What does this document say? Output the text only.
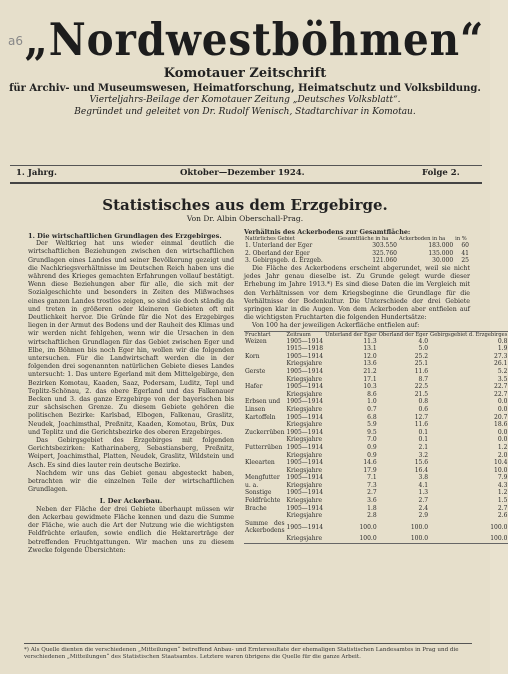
a6 „Nordwestböhmen“
Komotauer Zeitschrift
für Archiv- und Museumswesen, Heimatforschung, Heimatschutz und Volksbildung.
Vierteljahrs-Beilage der Komotauer Zeitung „Deutsches Volksblatt“.
Begründet und geleitet von Dr. Rudolf Wenisch, Stadtarchivar in Komotau.
1. Jahrg.	Oktober—Dezember 1924.	Folge 2.
Statistisches aus dem Erzgebirge.
Von Dr. Albin Oberschall-Prag.
1. Die wirtschaftlichen Grundlagen des Erzgebirges.

Der Weltkrieg hat uns wieder einmal deutlich die wirtschaftlichen Beziehungen zwischen den wirtschaftlichen Grundlagen eines Landes und seiner Bevölkerung gezeigt und die Nachkriegsverhältnisse im Deutschen Reich haben uns die während des Krieges gemachten Erfahrungen vollauf bestätigt. Wenn diese Beziehungen aber für alle, die sich mit der Sozialgeschichte und besonders in Zeiten des Mißwachses eines ganzen Landes trostlos zeigen, so sind sie doch ständig da und treten in größeren oder kleineren Gebieten oft mit Deutlichkeit hervor. Die Gründe für die Not des Erzgebirges liegen in der Armut des Bodens und der Rauheit des Klimas und wir werden nicht fehlgehen, wenn wir die Ursachen in den wirtschaftlichen Grundlagen für das Gebiet zwischen Eger und Elbe, im Böhmen bis noch Eger hin, wollen wir die folgenden untersuchen. Für die Landwirtschaft werden die in der folgenden drei sogenannten natürlichen Gebiete dieses Landes untersucht: 1. Das untere Egerland mit dem Mittelgebirge, den Bezirken Komotau, Kaaden, Saaz, Podersam, Luditz, Tepl und Teplitz-Schönau, 2. das obere Egerland und das Falkenauer Becken und 3. das ganze Erzgebirge von der bayerischen bis zur sächsischen Grenze. Zu diesem Gebiete gehören die politischen Bezirke: Karlsbad, Elbogen, Falkenau, Graslitz, Neudek, Joachimsthal, Preßnitz, Kaaden, Komotau, Brüx, Dux und Teplitz und die Gerichtsbezirke des oberen Erzgebirges.

Das Gebirgsgebiet des Erzgebirges mit folgenden Gerichtsbezirken: Katharinaberg, Sebastiansberg, Preßnitz, Weipert, Joachimsthal, Platten, Neudek, Graslitz, Wildstein und Asch. Es sind dies lauter rein deutsche Bezirke.

Nachdem wir uns das Gebiet genau abgesteckt haben, betrachten wir die einzelnen Teile der wirtschaftlichen Grundlagen.

I. Der Ackerbau.

Neben der Fläche der drei Gebiete überhaupt müssen wir den Ackerbau gewidmete Fläche kennen und dazu die Summe der Fläche, wie auch die Art der Nutzung wie die wichtigsten Feldfrüchte erlaufen, sowie endlich die Hektarerträge der betreffenden Fruchtgattungen. Wir machen uns zu diesem Zwecke folgende Übersichten:

Verhältnis des Ackerbodens zur Gesamtfläche:
Natürliches Gebiet	Gesamtfläche in ha	Ackerboden in ha	in %
1. Unterland der Eger	303.550	183.000	60
2. Oberland der Eger	325.760	135.000	41
3. Gebirgsgeb. d. Erzgeb.	121.060	30.000	25

Die Fläche des Ackerbodens erscheint abgerundet, weil sie nicht jedes Jahr genau dieselbe ist. Zu Grunde gelegt wurde dieser Erhebung im Jahre 1913.*) Es sind diese Daten die im Vergleich mit den Verhältnissen vor dem Kriegsbeginne die Grundlage für die Verhältnisse der Bodenkultur. Die Unterschiede der drei Gebiete springen klar in die Augen. Von dem Ackerboden aber entfielen auf die wichtigsten Fruchtarten die folgenden Hundertsätze:

Von 100 ha der jeweiligen Ackerfläche entfielen auf:

Fruchtart	Zeitraum	Unterland der Eger	Oberland der Eger	Gebirgsgebiet d. Erzgebirges
Weizen	1905—1914	11.3	4.0	0.8
	1915—1918	13.1	5.0	1.9
Korn	1905—1914	12.0	25.2	27.3
	Kriegsjahre	13.6	25.1	26.1
Gerste	1905—1914	21.2	11.6	5.2
	Kriegsjahre	17.1	8.7	3.5
Hafer	1905—1914	10.3	22.5	22.7
	Kriegsjahre	8.6	21.5	22.7
Erbsen und	1905—1914	1.0	0.8	0.0
Linsen	Kriegsjahre	0.7	0.6	0.0
Kartoffeln	1905—1914	6.8	12.7	20.7
	Kriegsjahre	5.9	11.6	18.6
Zuckerrüben	1905—1914	9.5	0.1	0.0
	Kriegsjahre	7.0	0.1	0.0
Futterrüben	1905—1914	0.9	2.1	1.2
	Kriegsjahre	0.9	3.2	2.0
Kleearten	1905—1914	14.6	15.6	10.4
	Kriegsjahre	17.9	16.4	10.0
Mengfutter	1905—1914	7.1	3.8	7.9
u. a.	Kriegsjahre	7.3	4.1	4.3
Sonstige	1905—1914	2.7	1.3	1.2
Feldfrüchte	Kriegsjahre	3.6	2.7	1.5
Brache	1905—1914	1.8	2.4	2.7
	Kriegsjahre	2.8	2.9	2.6
Summe des Ackerbodens	1905—1914	100.0	100.0	100.0
	Kriegsjahre	100.0	100.0	100.0
*) Als Quelle dienten die verschiedenen „Mitteilungen“ betreffend Anbau- und Ernteresultate der ehemaligen Statistischen Landesamtes in Prag und die verschiedenen „Mitteilungen“ des Statistischen Staatsamtes. Letztere waren übrigens die Quelle für die ganze Arbeit.
